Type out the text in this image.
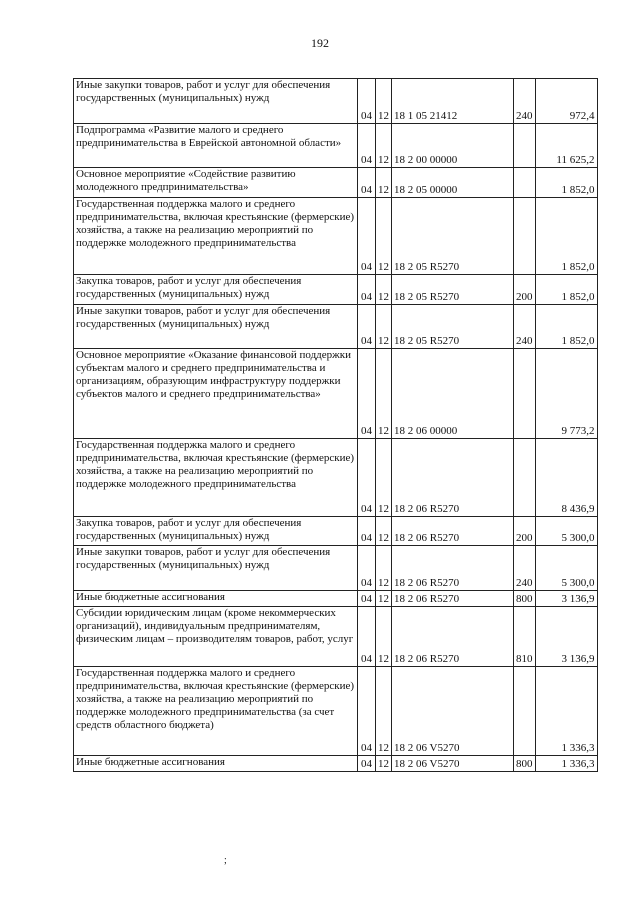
192
Иные закупки товаров, работ и услуг для обеспечения государственных (муниципальных) нужд	04	12	18 1 05 21412	240	972,4
Подпрограмма «Развитие малого и среднего предпринимательства в Еврейской автономной области»	04	12	18 2 00 00000		11 625,2
Основное мероприятие «Содействие развитию молодежного предпринимательства»	04	12	18 2 05 00000		1 852,0
Государственная поддержка малого и среднего предпринимательства, включая крестьянские (фермерские) хозяйства, а также на реализацию мероприятий по поддержке молодежного предпринимательства	04	12	18 2 05 R5270		1 852,0
Закупка товаров, работ и услуг для обеспечения государственных (муниципальных) нужд	04	12	18 2 05 R5270	200	1 852,0
Иные закупки товаров, работ и услуг для обеспечения государственных (муниципальных) нужд	04	12	18 2 05 R5270	240	1 852,0
Основное мероприятие «Оказание финансовой поддержки субъектам малого и среднего предпринимательства и организациям, образующим инфраструктуру поддержки субъектов малого и среднего предпринимательства»	04	12	18 2 06 00000		9 773,2
Государственная поддержка малого и среднего предпринимательства, включая крестьянские (фермерские) хозяйства, а также на реализацию мероприятий по поддержке молодежного предпринимательства	04	12	18 2 06 R5270		8 436,9
Закупка товаров, работ и услуг для обеспечения государственных (муниципальных) нужд	04	12	18 2 06 R5270	200	5 300,0
Иные закупки товаров, работ и услуг для обеспечения государственных (муниципальных) нужд	04	12	18 2 06 R5270	240	5 300,0
Иные бюджетные ассигнования	04	12	18 2 06 R5270	800	3 136,9
Субсидии юридическим лицам (кроме некоммерческих организаций), индивидуальным предпринимателям, физическим лицам – производителям товаров, работ, услуг	04	12	18 2 06 R5270	810	3 136,9
Государственная поддержка малого и среднего предпринимательства, включая крестьянские (фермерские) хозяйства, а также на реализацию мероприятий по поддержке молодежного предпринимательства (за счет средств областного бюджета)	04	12	18 2 06 V5270		1 336,3
Иные бюджетные ассигнования	04	12	18 2 06 V5270	800	1 336,3
;
